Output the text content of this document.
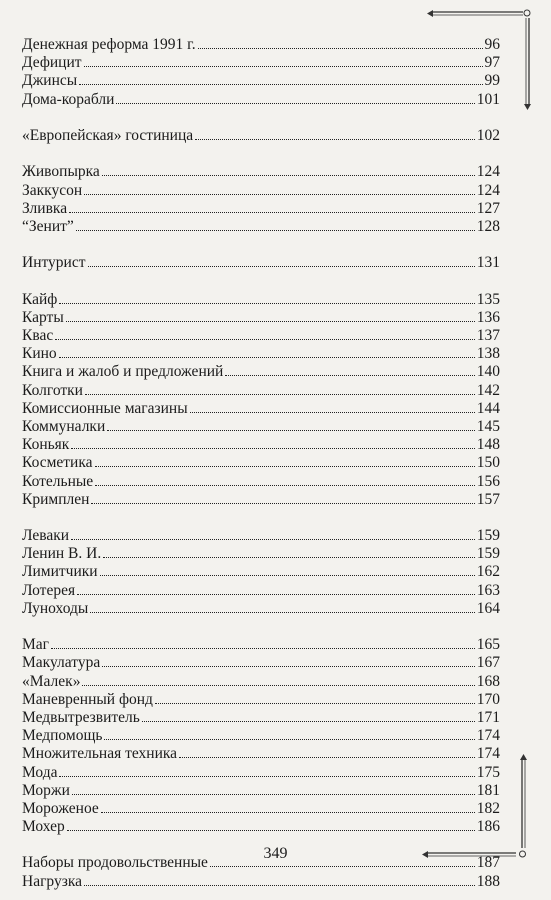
········
Денежная реформа 1991 г.	96
Дефицит	97
Джинсы	99
Дома-корабли	101
«Европейская» гостиница	102
Живопырка	124
Заккусон	124
Зливка	127
“Зенит”	128
Интурист	131
Кайф	135
Карты	136
Квас	137
Кино	138
Книга и жалоб и предложений	140
Колготки	142
Комиссионные магазины	144
Коммуналки	145
Коньяк	148
Косметика	150
Котельные	156
Кримплен	157
Леваки	159
Ленин В. И.	159
Лимитчики	162
Лотерея	163
Луноходы	164
Маг	165
Макулатура	167
«Малек»	168
Маневренный фонд	170
Медвытрезвитель	171
Медпомощь	174
Множительная техника	174
Мода	175
Моржи	181
Мороженое	182
Мохер	186
Наборы продовольственные	187
Нагрузка	188
349
